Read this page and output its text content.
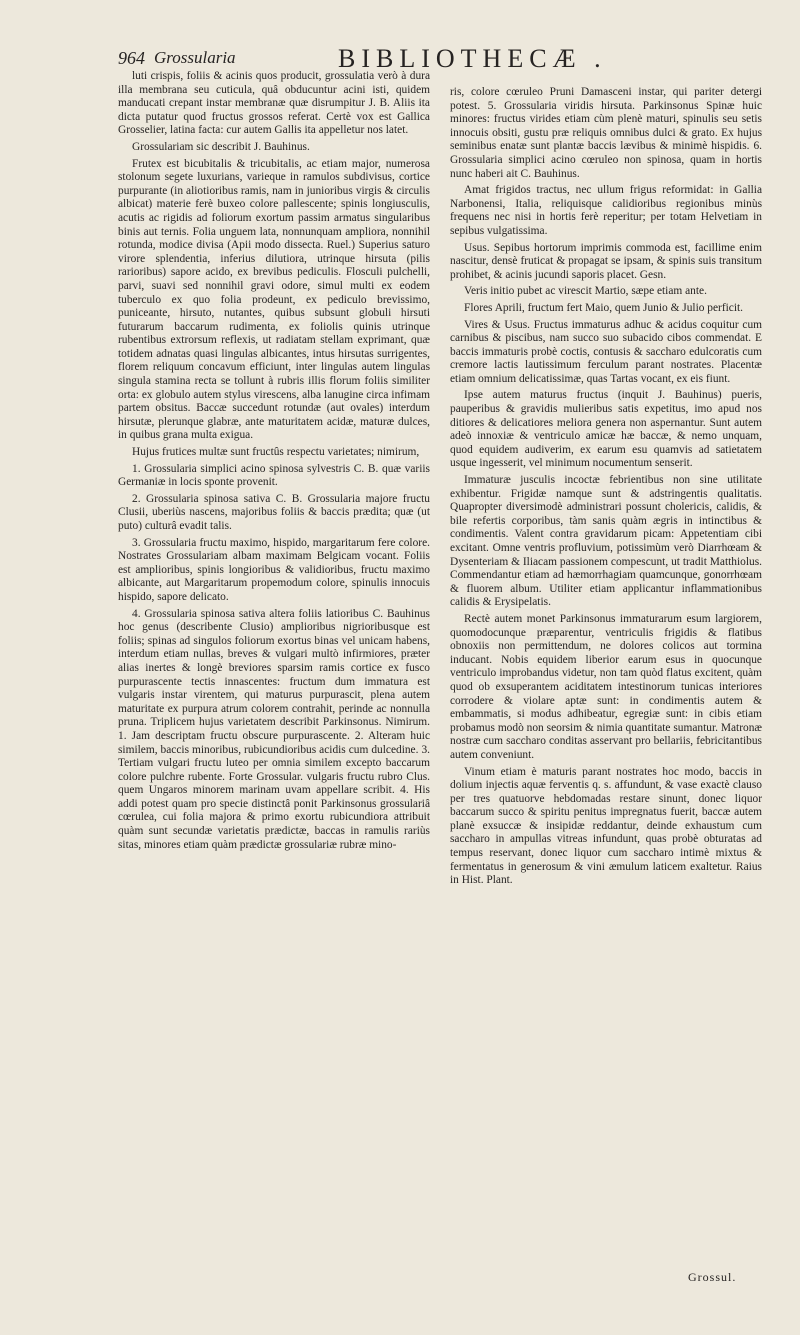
964 Grossularia	BIBLIOTHECÆ .

luti crispis, foliis & acinis quos producit, grossulatia verò à dura illa membrana seu cuticula, quâ obducuntur acini isti, quidem manducati crepant instar membranæ quæ disrumpitur J. B. Aliis ita dicta putatur quod fructus grossos referat. Certè vox est Gallica Grosselier, latina facta: cur autem Gallis ita appelletur nos latet.

Grossulariam sic describit J. Bauhinus.

Frutex est bicubitalis & tricubitalis, ac etiam major, numerosa stolonum segete luxurians, varieque in ramulos subdivisus, cortice purpurante (in aliotioribus ramis, nam in junioribus virgis & circulis albicat) materie ferè buxeo colore pallescente; spinis longiusculis, acutis ac rigidis ad foliorum exortum passim armatus singularibus binis aut ternis. Folia unguem lata, nonnunquam ampliora, nonnihil rotunda, modice divisa (Apii modo dissecta. Ruel.) Superius saturo virore splendentia, inferius dilutiora, utrinque hirsuta (pilis rarioribus) sapore acido, ex brevibus pediculis. Flosculi pulchelli, parvi, suavi sed nonnihil gravi odore, simul multi ex eodem tuberculo ex quo folia prodeunt, ex pediculo brevissimo, puniceante, hirsuto, nutantes, quibus subsunt globuli hirsuti futurarum baccarum rudimenta, ex foliolis quinis utrinque rubentibus extrorsum reflexis, ut radiatam stellam exprimant, quæ totidem adnatas quasi lingulas albicantes, intus hirsutas surrigentes, florem reliquum concavum efficiunt, inter lingulas autem lingulas singula stamina recta se tollunt à rubris illis florum foliis similiter orta: ex globulo autem stylus virescens, alba lanugine circa infimam partem obsitus. Baccæ succedunt rotundæ (aut ovales) interdum hirsutæ, plerunque glabræ, ante maturitatem acidæ, maturæ dulces, in quibus grana multa exigua.

Hujus frutices multæ sunt fructûs respectu varietates; nimirum,

1. Grossularia simplici acino spinosa sylvestris C. B. quæ variis Germaniæ in locis sponte provenit.

2. Grossularia spinosa sativa C. B. Grossularia majore fructu Clusii, uberiùs nascens, majoribus foliis & baccis prædita; quæ (ut puto) culturâ evadit talis.

3. Grossularia fructu maximo, hispido, margaritarum fere colore. Nostrates Grossulariam albam maximam Belgicam vocant. Foliis est amplioribus, spinis longioribus & validioribus, fructu maximo albicante, aut Margaritarum propemodum colore, spinulis innocuis hispido, sapore delicato.

4. Grossularia spinosa sativa altera foliis latioribus C. Bauhinus hoc genus (describente Clusio) amplioribus nigrioribusque est foliis; spinas ad singulos foliorum exortus binas vel unicam habens, interdum etiam nullas, breves & vulgari multò infirmiores, præter alias inertes & longè breviores sparsim ramis cortice ex fusco purpurascente tectis innascentes: fructum dum immatura est vulgaris instar virentem, qui maturus purpurascit, plena autem maturitate ex purpura atrum colorem contrahit, perinde ac nonnulla pruna. Triplicem hujus varietatem describit Parkinsonus. Nimirum. 1. Jam descriptam fructu obscure purpurascente. 2. Alteram huic similem, baccis minoribus, rubicundioribus acidis cum dulcedine. 3. Tertiam vulgari fructu luteo per omnia similem excepto baccarum colore pulchre rubente. Forte Grossular. vulgaris fructu rubro Clus. quem Ungaros minorem marinam uvam appellare scribit. 4. His addi potest quam pro specie distinctâ ponit Parkinsonus grossulariâ cœrulea, cui folia majora & primo exortu rubicundiora attribuit quàm sunt secundæ varietatis prædictæ, baccas in ramulis rariùs sitas, minores etiam quàm prædictæ grossulariæ rubræ mino-

ris, colore cœruleo Pruni Damasceni instar, qui pariter detergi potest. 5. Grossularia viridis hirsuta. Parkinsonus Spinæ huic minores: fructus virides etiam cùm plenè maturi, spinulis seu setis innocuis obsiti, gustu præ reliquis omnibus dulci & grato. Ex hujus seminibus enatæ sunt plantæ baccis lævibus & minimè hispidis. 6. Grossularia simplici acino cœruleo non spinosa, quam in hortis nunc haberi ait C. Bauhinus.

Amat frigidos tractus, nec ullum frigus reformidat: in Gallia Narbonensi, Italia, reliquisque calidioribus regionibus minùs frequens nec nisi in hortis ferè reperitur; per totam Helvetiam in sepibus vulgatissima.

Usus. Sepibus hortorum imprimis commoda est, facillime enim nascitur, densè fruticat & propagat se ipsam, & spinis suis transitum prohibet, & acinis jucundi saporis placet. Gesn.

Veris initio pubet ac virescit Martio, sæpe etiam ante.

Flores Aprili, fructum fert Maio, quem Junio & Julio perficit.

Vires & Usus. Fructus immaturus adhuc & acidus coquitur cum carnibus & piscibus, nam succo suo subacido cibos commendat. E baccis immaturis probè coctis, contusis & saccharo edulcoratis cum cremore lactis lautissimum ferculum parant nostrates. Placentæ etiam omnium delicatissimæ, quas Tartas vocant, ex eis fiunt.

Ipse autem maturus fructus (inquit J. Bauhinus) pueris, pauperibus & gravidis mulieribus satis expetitus, imo apud nos ditiores & delicatiores meliora genera non aspernantur. Sunt autem adeò innoxiæ & ventriculo amicæ hæ baccæ, & nemo unquam, quod equidem audiverim, ex earum esu quamvis ad satietatem usque ingesserit, vel minimum nocumentum senserit.

Immaturæ jusculis incoctæ febrientibus non sine utilitate exhibentur. Frigidæ namque sunt & adstringentis qualitatis. Quapropter diversimodè administrari possunt cholericis, calidis, & bile refertis corporibus, tàm sanis quàm ægris in intinctibus & condimentis. Valent contra gravidarum picam: Appetentiam cibi excitant. Omne ventris profluvium, potissimùm verò Diarrhœam & Dysenteriam & Iliacam passionem compescunt, ut tradit Matthiolus. Commendantur etiam ad hæmorrhagiam quamcunque, gonorrhœam & fluorem album. Utiliter etiam applicantur inflammationibus calidis & Erysipelatis.

Rectè autem monet Parkinsonus immaturarum esum largiorem, quomodocunque præparentur, ventriculis frigidis & flatibus obnoxiis non permittendum, ne dolores colicos aut tormina inducant. Nobis equidem liberior earum esus in quocunque ventriculo improbandus videtur, non tam quòd flatus excitent, quàm quod ob exsuperantem aciditatem intestinorum tunicas interiores corrodere & violare aptæ sunt: in condimentis autem & embammatis, si modus adhibeatur, egregiæ sunt: in cibis etiam probamus modò non seorsim & nimia quantitate sumantur. Matronæ nostræ cum saccharo conditas asservant pro bellariis, febricitantibus autem conveniunt.

Vinum etiam è maturis parant nostrates hoc modo, baccis in dolium injectis aquæ ferventis q. s. affundunt, & vase exactè clauso per tres quatuorve hebdomadas restare sinunt, donec liquor baccarum succo & spiritu penitus impregnatus fuerit, baccæ autem planè exsuccæ & insipidæ reddantur, deinde exhaustum cum saccharo in ampullas vitreas infundunt, quas probè obturatas ad tempus reservant, donec liquor cum saccharo intimè mixtus & fermentatus in generosum & vini æmulum laticem exaltetur. Raius in Hist. Plant.

Grossul.
